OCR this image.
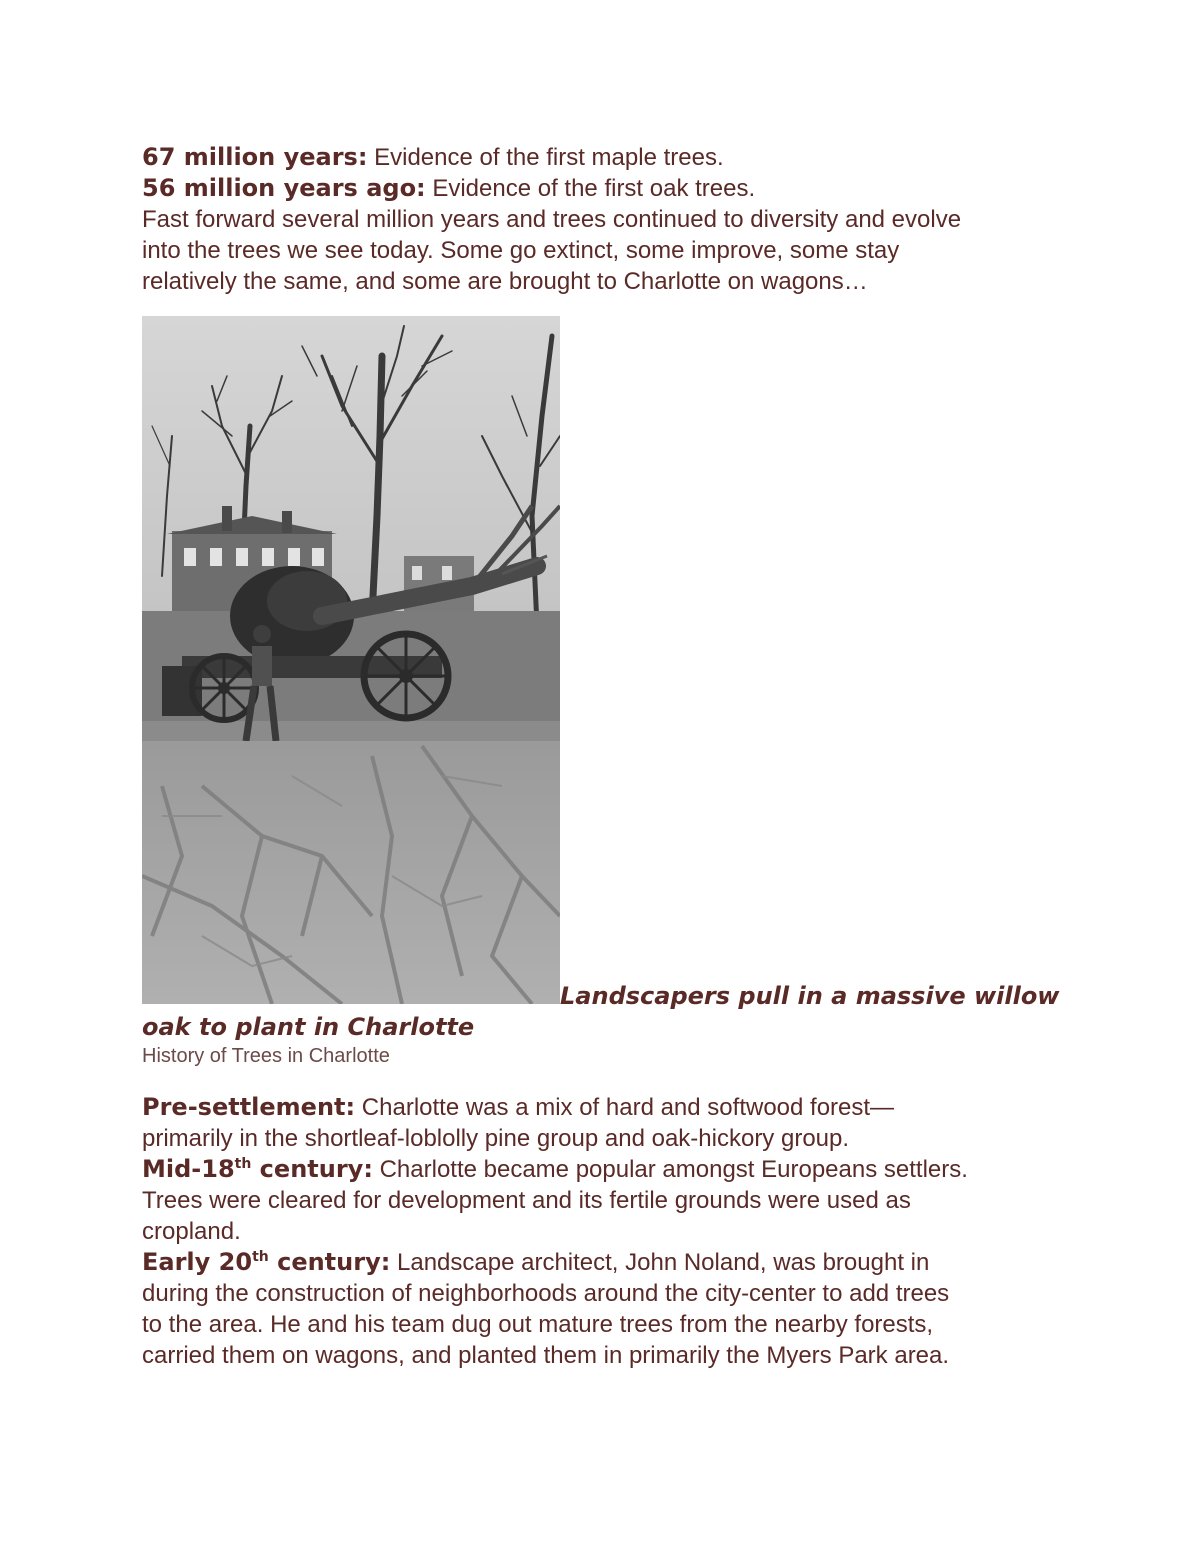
67 million years: Evidence of the first maple trees.
56 million years ago: Evidence of the first oak trees.
Fast forward several million years and trees continued to diversity and evolve
into the trees we see today. Some go extinct, some improve, some stay
relatively the same, and some are brought to Charlotte on wagons…
Landscapers pull in a massive willow
oak to plant in Charlotte
History of Trees in Charlotte
Pre-settlement: Charlotte was a mix of hard and softwood forest—
primarily in the shortleaf-loblolly pine group and oak-hickory group.
Mid-18th century: Charlotte became popular amongst Europeans settlers.
Trees were cleared for development and its fertile grounds were used as
cropland.
Early 20th century: Landscape architect, John Noland, was brought in
during the construction of neighborhoods around the city-center to add trees
to the area. He and his team dug out mature trees from the nearby forests,
carried them on wagons, and planted them in primarily the Myers Park area.
